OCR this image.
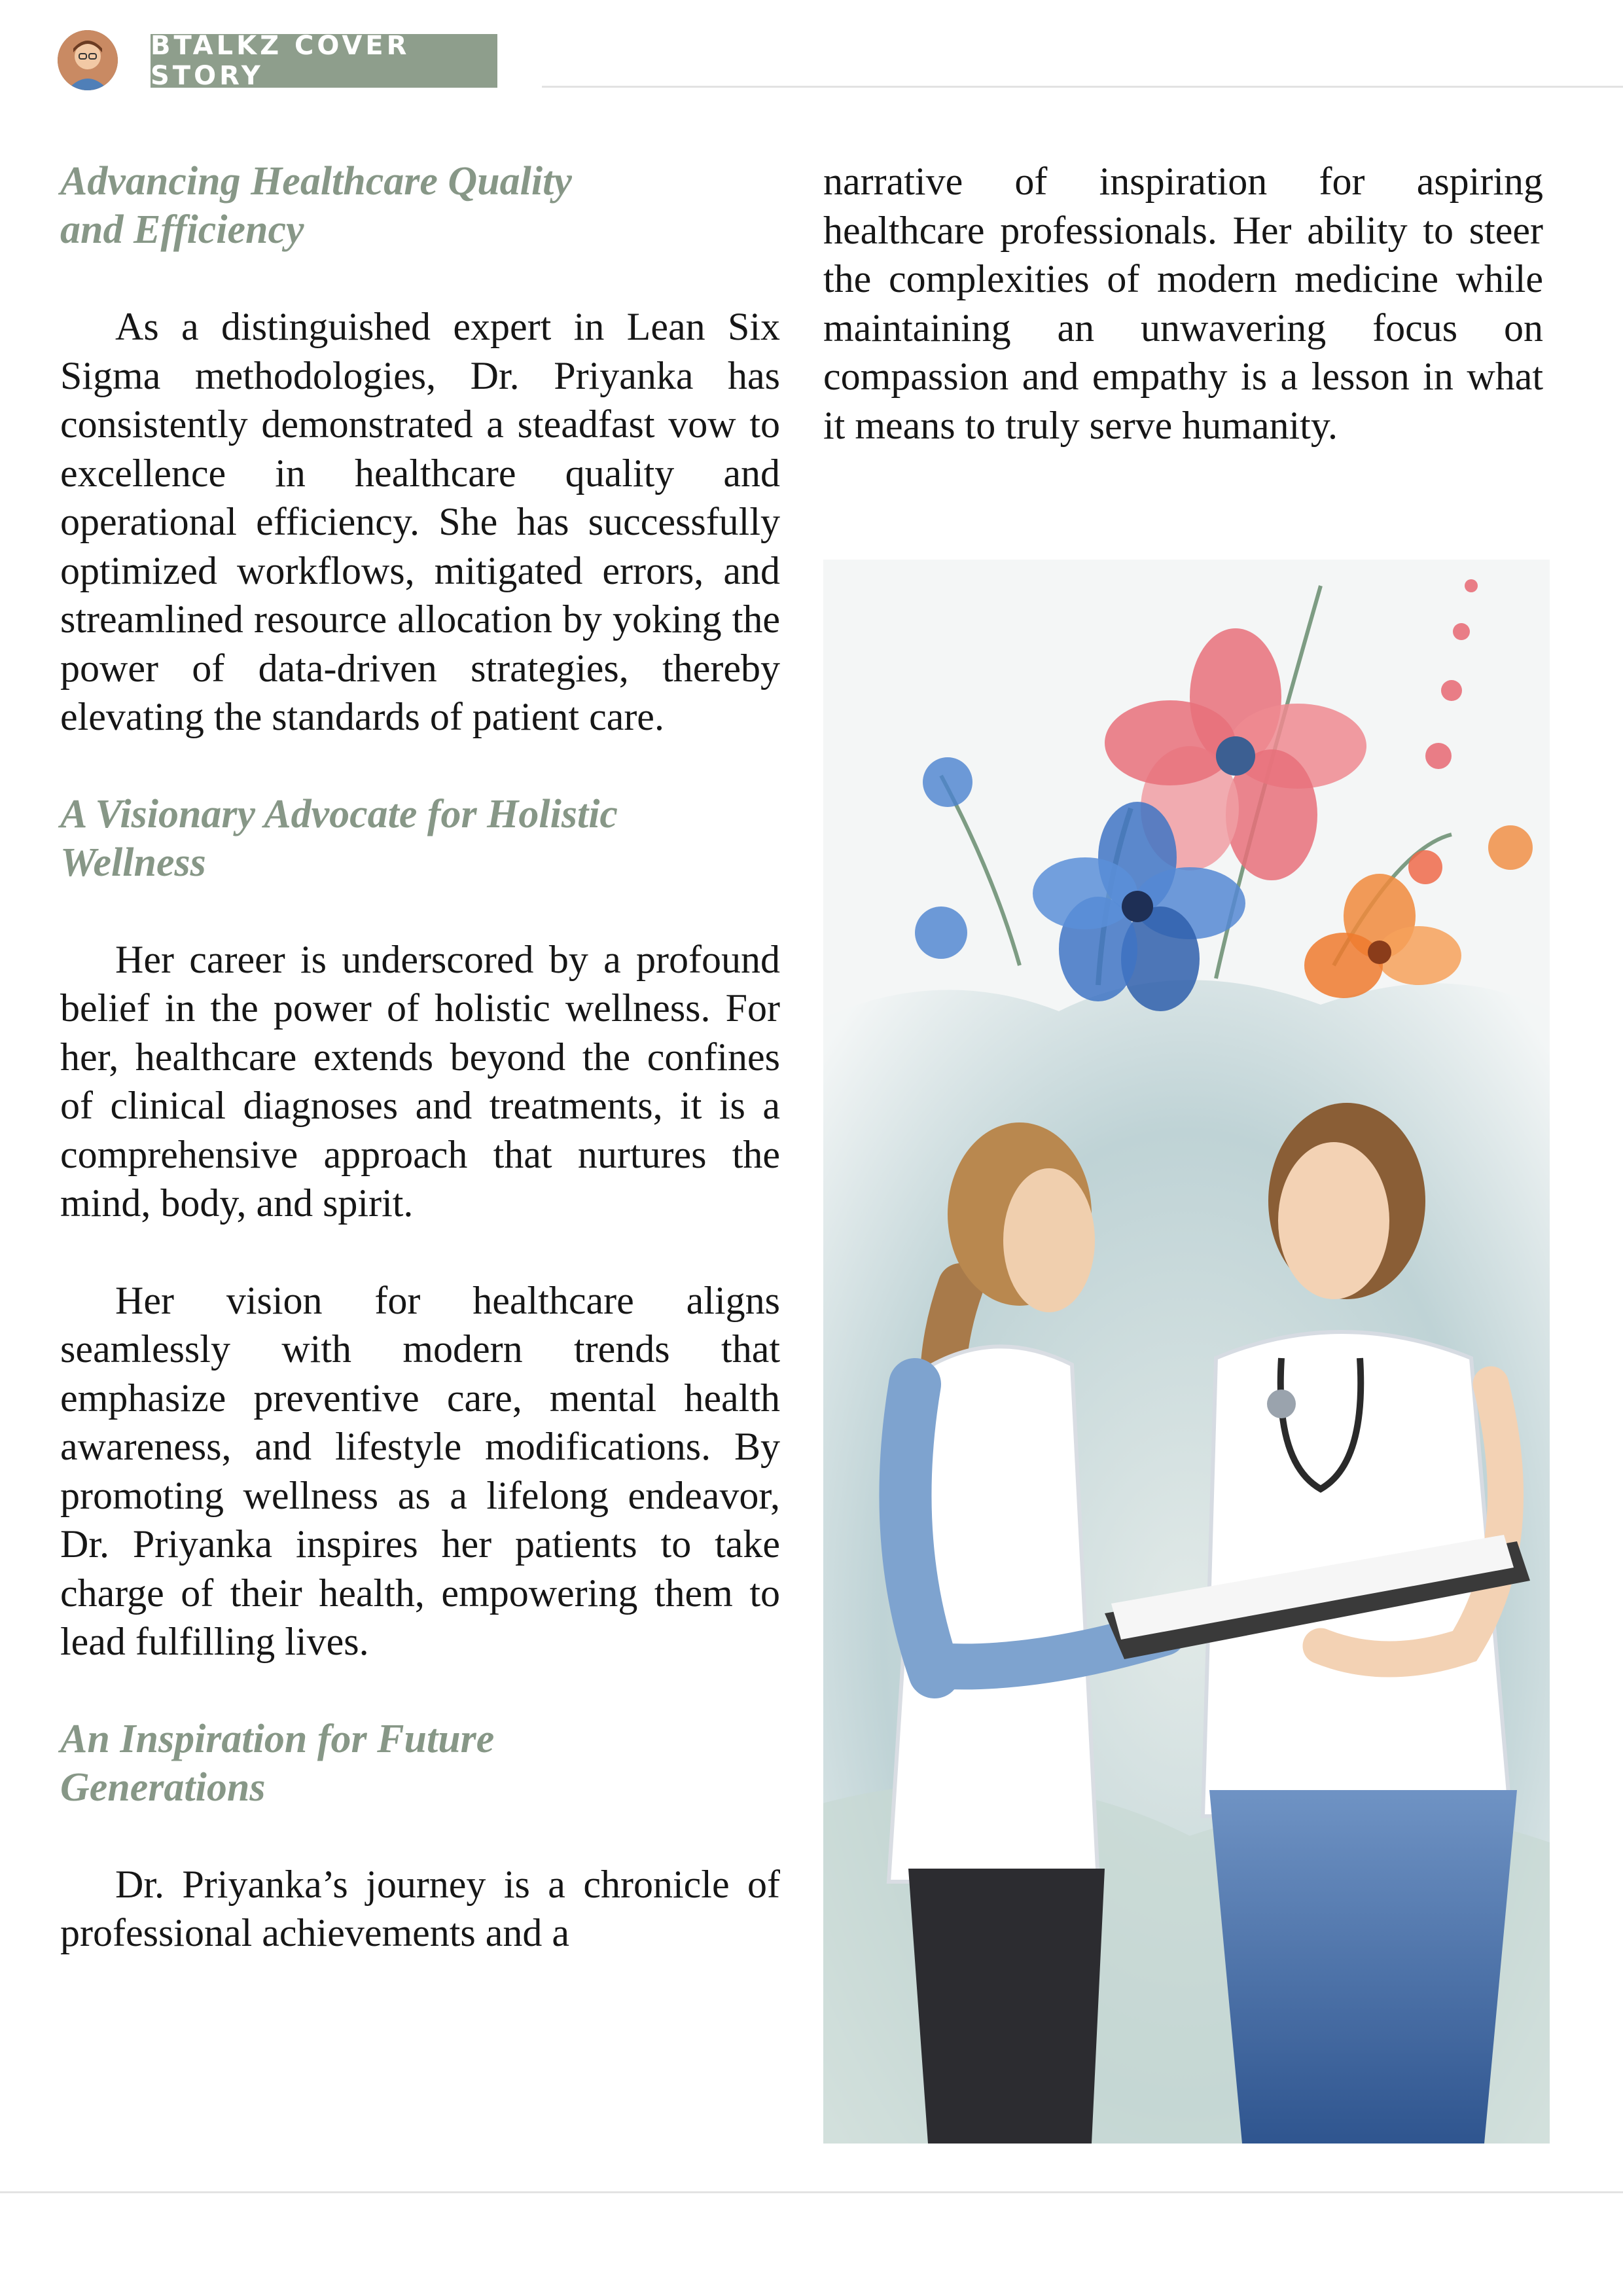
BTALKZ COVER STORY
Advancing Healthcare Quality
and Efficiency

As a distinguished expert in Lean Six Sigma methodologies, Dr. Priyanka has consistently demonstrated a steadfast vow to excellence in healthcare quality and operational efficiency. She has successfully optimized workflows, mitigated errors, and streamlined resource allocation by yoking the power of data-driven strategies, thereby elevating the standards of patient care.

A Visionary Advocate for Holistic
Wellness

Her career is underscored by a profound belief in the power of holistic wellness. For her, healthcare extends beyond the confines of clinical diagnoses and treatments, it is a comprehensive approach that nurtures the mind, body, and spirit.

Her vision for healthcare aligns seamlessly with modern trends that emphasize preventive care, mental health awareness, and lifestyle modifications. By promoting wellness as a lifelong endeavor, Dr. Priyanka inspires her patients to take charge of their health, empowering them to lead fulfilling lives.

An Inspiration for Future
Generations

Dr. Priyanka’s journey is a chronicle of professional achievements and a

narrative of inspiration for aspiring healthcare professionals. Her ability to steer the complexities of modern medicine while maintaining an unwavering focus on compassion and empathy is a lesson in what it means to truly serve humanity.
